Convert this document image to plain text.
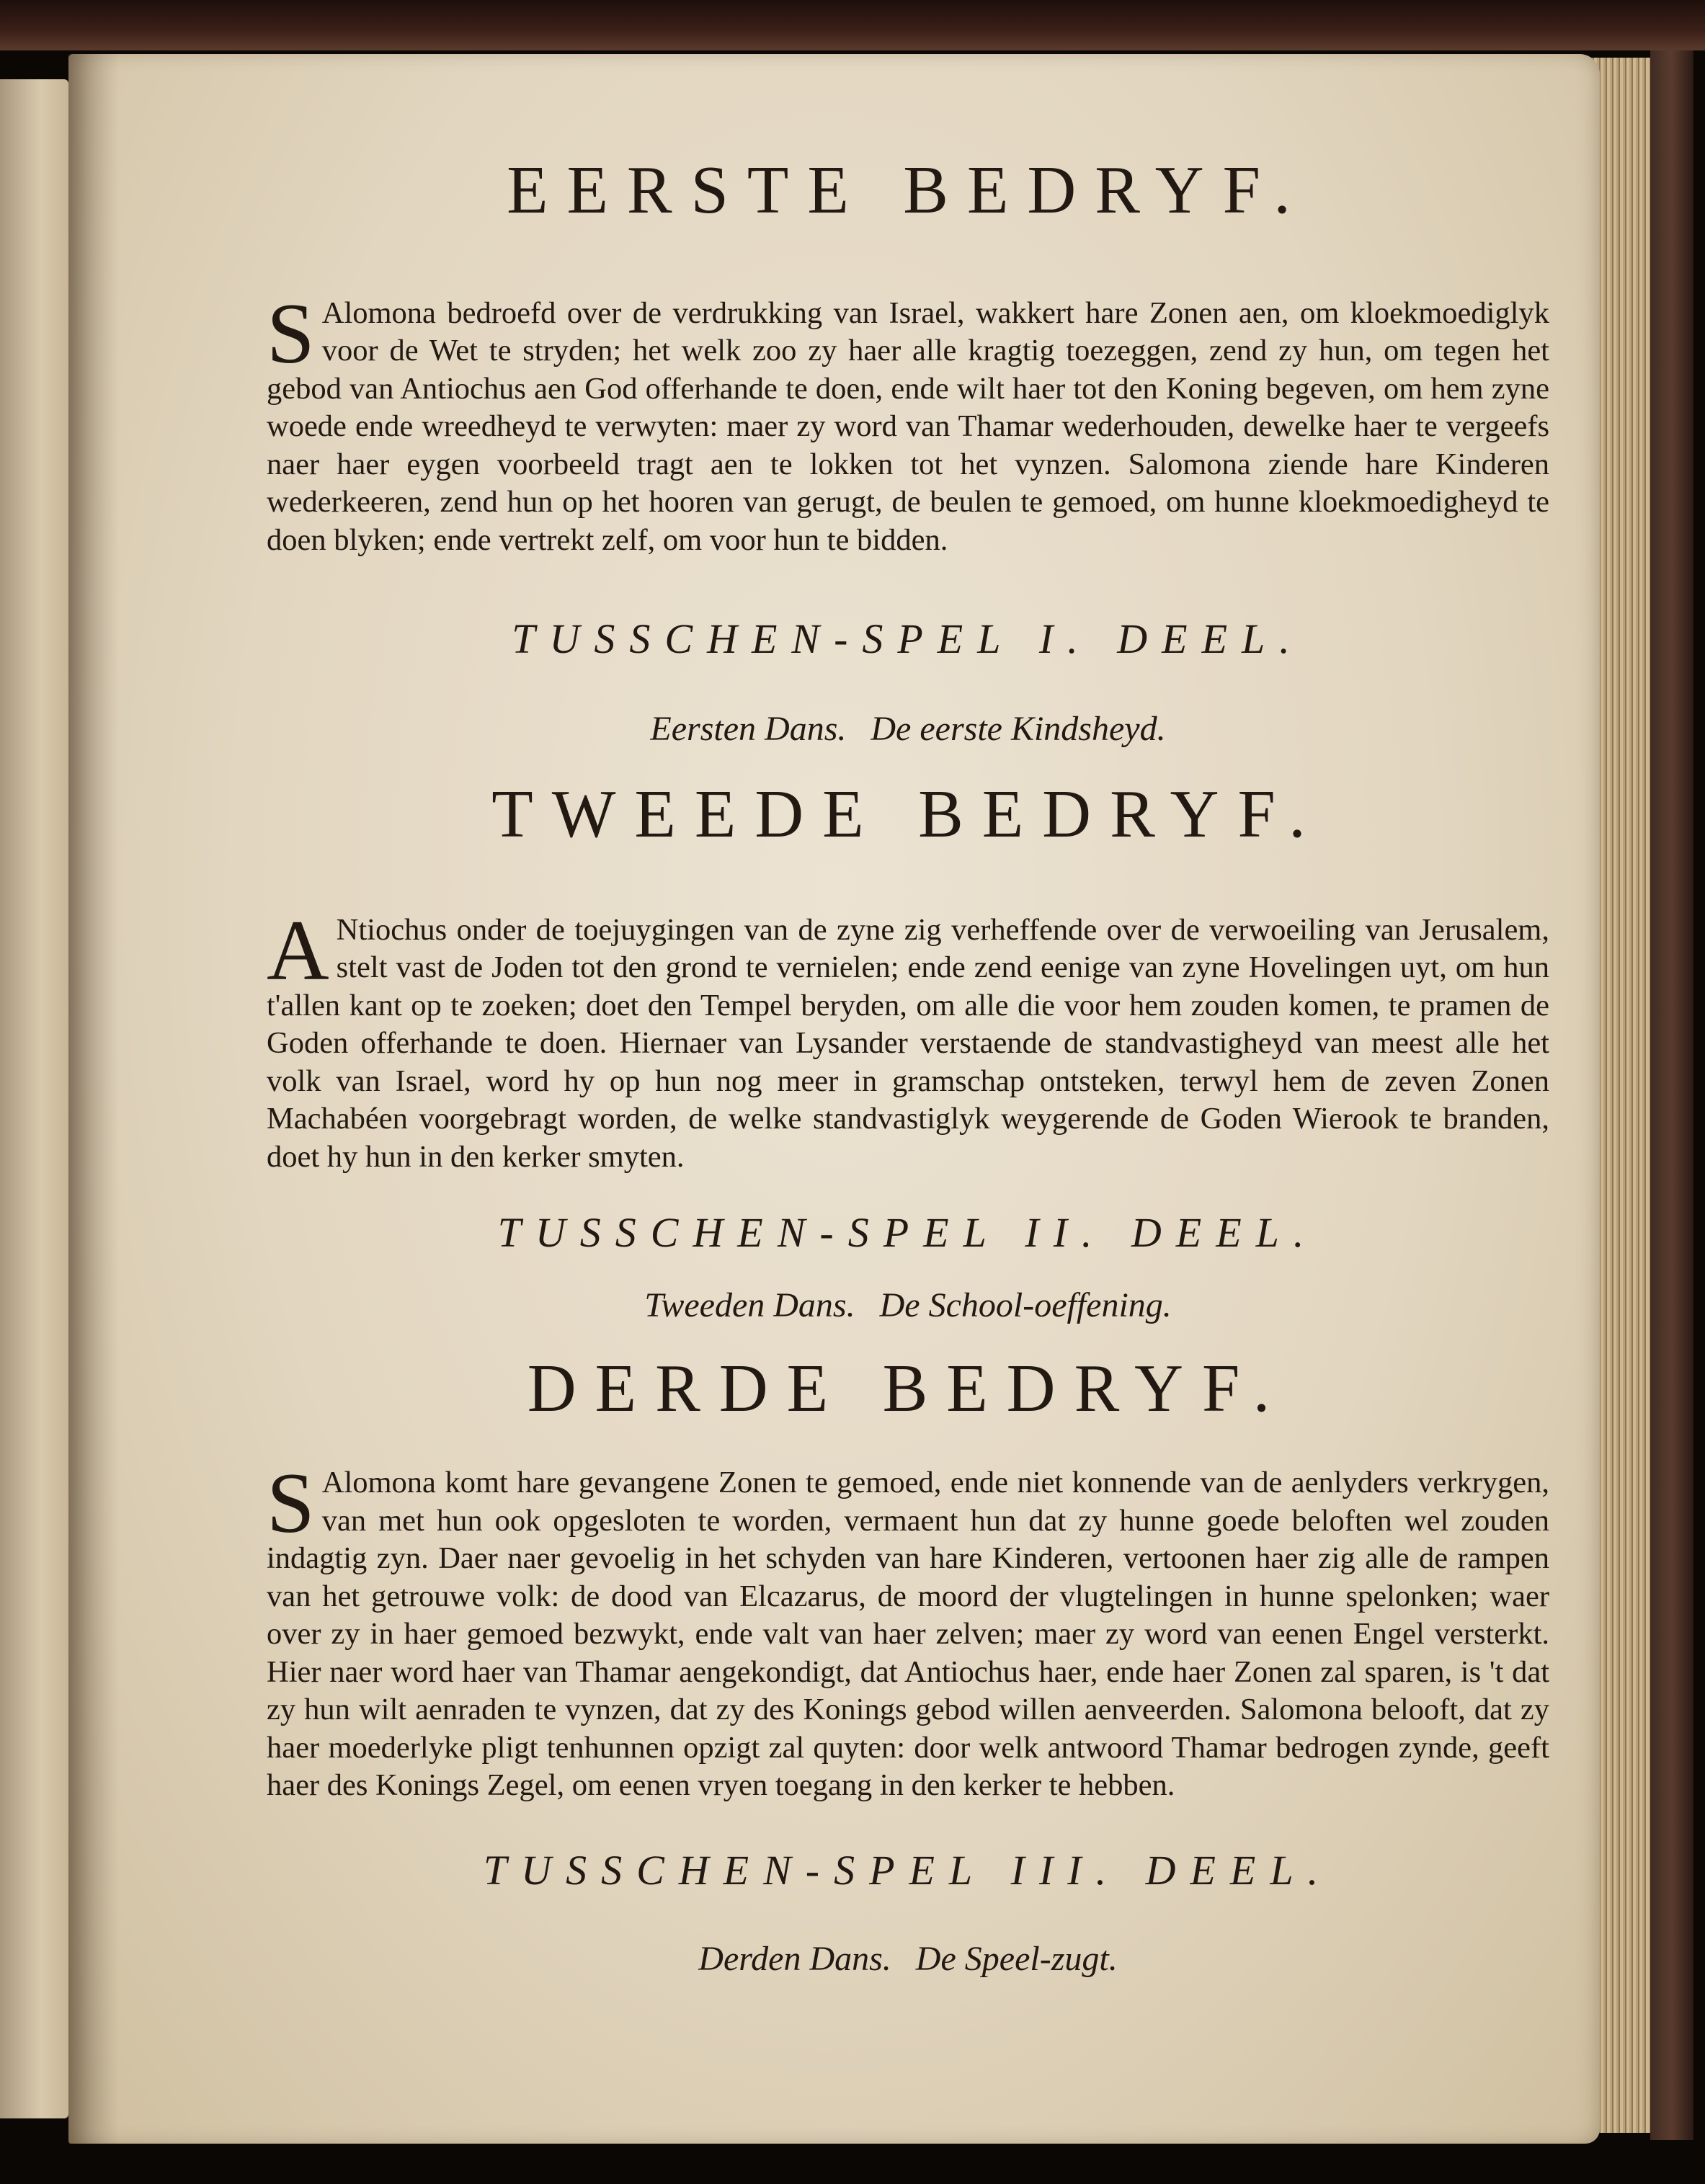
EERSTE BEDRYF.

S Alomona bedroefd over de verdrukking van Israel, wakkert hare Zonen aen, om kloekmoediglyk voor de Wet te stryden; het welk zoo zy haer alle kragtig toezeggen, zend zy hun, om tegen het gebod van Antiochus aen God offerhande te doen, ende wilt haer tot den Koning begeven, om hem zyne woede ende wreedheyd te verwyten: maer zy word van Thamar wederhouden, dewelke haer te vergeefs naer haer eygen voorbeeld tragt aen te lokken tot het vynzen. Salomona ziende hare Kinderen wederkeeren, zend hun op het hooren van gerugt, de beulen te gemoed, om hunne kloekmoedigheyd te doen blyken; ende vertrekt zelf, om voor hun te bidden.

TUSSCHEN-SPEL I. DEEL.
Eersten Dans. De eerste Kindsheyd.
TWEEDE BEDRYF.

A Ntiochus onder de toejuygingen van de zyne zig verheffende over de verwoeiling van Jerusalem, stelt vast de Joden tot den grond te vernielen; ende zend eenige van zyne Hovelingen uyt, om hun t'allen kant op te zoeken; doet den Tempel beryden, om alle die voor hem zouden komen, te pramen de Goden offerhande te doen. Hiernaer van Lysander verstaende de standvastigheyd van meest alle het volk van Israel, word hy op hun nog meer in gramschap ontsteken, terwyl hem de zeven Zonen Machabéen voorgebragt worden, de welke standvastiglyk weygerende de Goden Wierook te branden, doet hy hun in den kerker smyten.

TUSSCHEN-SPEL II. DEEL.
Tweeden Dans. De School-oeffening.
DERDE BEDRYF.

S Alomona komt hare gevangene Zonen te gemoed, ende niet konnende van de aenlyders verkrygen, van met hun ook opgesloten te worden, vermaent hun dat zy hunne goede beloften wel zouden indagtig zyn. Daer naer gevoelig in het schyden van hare Kinderen, vertoonen haer zig alle de rampen van het getrouwe volk: de dood van Elcazarus, de moord der vlugtelingen in hunne spelonken; waer over zy in haer gemoed bezwykt, ende valt van haer zelven; maer zy word van eenen Engel versterkt. Hier naer word haer van Thamar aengekondigt, dat Antiochus haer, ende haer Zonen zal sparen, is 't dat zy hun wilt aenraden te vynzen, dat zy des Konings gebod willen aenveerden. Salomona belooft, dat zy haer moederlyke pligt tenhunnen opzigt zal quyten: door welk antwoord Thamar bedrogen zynde, geeft haer des Konings Zegel, om eenen vryen toegang in den kerker te hebben.

TUSSCHEN-SPEL III. DEEL.
Derden Dans. De Speel-zugt.
